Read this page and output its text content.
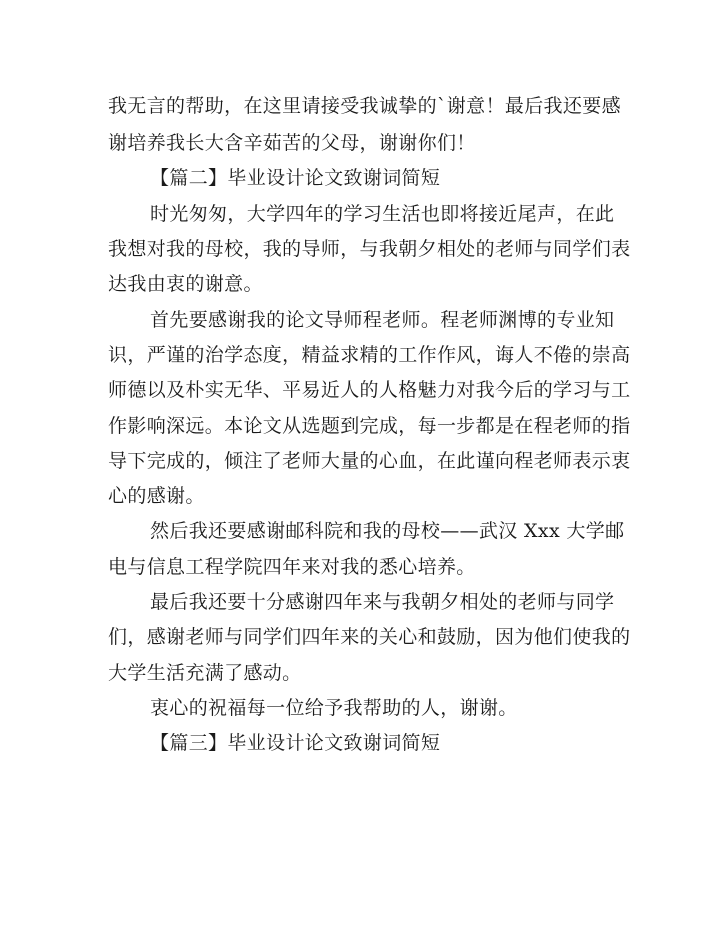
我无言的帮助，在这里请接受我诚挚的`谢意！最后我还要感
谢培养我长大含辛茹苦的父母，谢谢你们！
【篇二】毕业设计论文致谢词简短
时光匆匆，大学四年的学习生活也即将接近尾声，在此
我想对我的母校，我的导师，与我朝夕相处的老师与同学们表
达我由衷的谢意。
首先要感谢我的论文导师程老师。程老师渊博的专业知
识，严谨的治学态度，精益求精的工作作风，诲人不倦的崇高
师德以及朴实无华、平易近人的人格魅力对我今后的学习与工
作影响深远。本论文从选题到完成，每一步都是在程老师的指
导下完成的，倾注了老师大量的心血，在此谨向程老师表示衷
心的感谢。
然后我还要感谢邮科院和我的母校——武汉 Xxx 大学邮
电与信息工程学院四年来对我的悉心培养。
最后我还要十分感谢四年来与我朝夕相处的老师与同学
们，感谢老师与同学们四年来的关心和鼓励，因为他们使我的
大学生活充满了感动。
衷心的祝福每一位给予我帮助的人，谢谢。
【篇三】毕业设计论文致谢词简短
